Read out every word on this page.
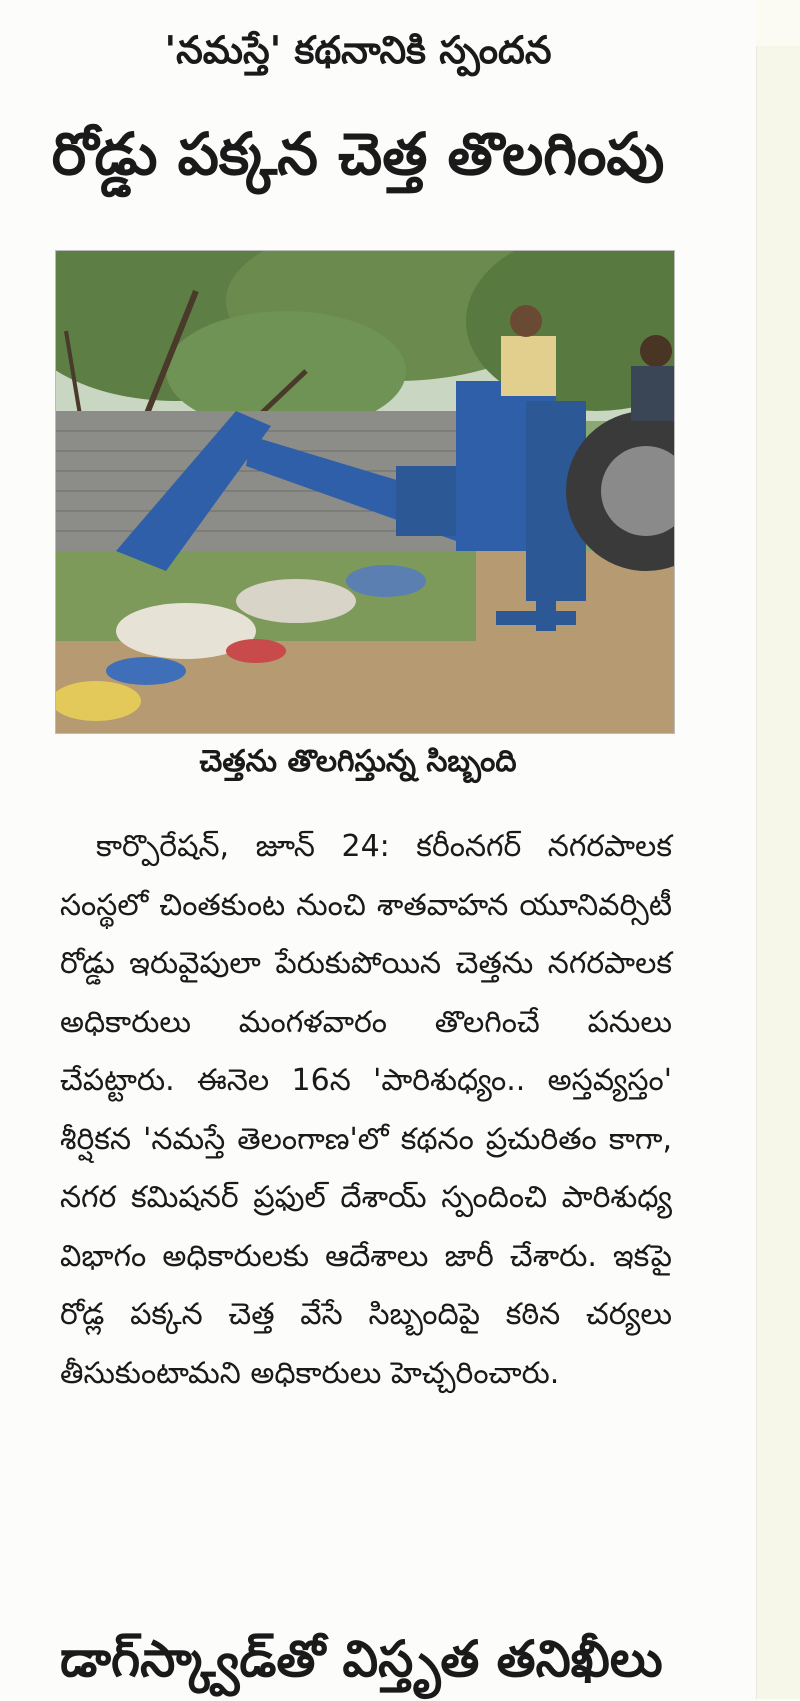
'నమస్తే' కథనానికి స్పందన
రోడ్డు పక్కన చెత్త తొలగింపు
చెత్తను తొలగిస్తున్న సిబ్బంది

కార్పొరేషన్, జూన్ 24: కరీంనగర్ నగరపాలక సంస్థలో చింతకుంట నుంచి శాతవాహన యూనివర్సిటీ రోడ్డు ఇరువైపులా పేరుకుపోయిన చెత్తను నగరపాలక అధికారులు మంగళవారం తొలగించే పనులు చేపట్టారు. ఈనెల 16న 'పారిశుధ్యం.. అస్తవ్యస్తం' శీర్షికన 'నమస్తే తెలంగాణ'లో కథనం ప్రచురితం కాగా, నగర కమిషనర్ ప్రఫుల్ దేశాయ్ స్పందించి పారిశుధ్య విభాగం అధికారులకు ఆదేశాలు జారీ చేశారు. ఇకపై రోడ్ల పక్కన చెత్త వేసే సిబ్బందిపై కఠిన చర్యలు తీసుకుంటామని అధికారులు హెచ్చరించారు.

డాగ్‌స్క్వాడ్‌తో విస్తృత తనిఖీలు
